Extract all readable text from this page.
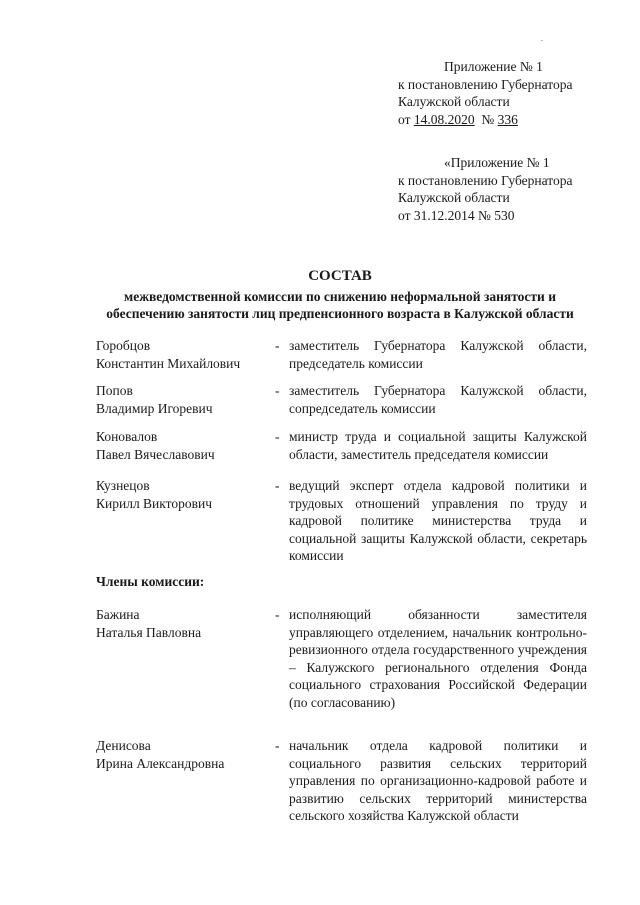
Приложение № 1
к постановлению Губернатора
Калужской области
от 14.08.2020  № 336
«Приложение № 1
к постановлению Губернатора
Калужской области
от 31.12.2014 № 530
СОСТАВ
межведомственной комиссии по снижению неформальной занятости и
обеспечению занятости лиц предпенсионного возраста в Калужской области
Горобцов
Константин Михайлович
- заместитель Губернатора Калужской области, председатель комиссии
Попов
Владимир Игоревич
- заместитель Губернатора Калужской области, сопредседатель комиссии
Коновалов
Павел Вячеславович
- министр труда и социальной защиты Калужской области, заместитель председателя комиссии
Кузнецов
Кирилл Викторович
- ведущий эксперт отдела кадровой политики и трудовых отношений управления по труду и кадровой политике министерства труда и социальной защиты Калужской области, секретарь комиссии
Члены комиссии:
Бажина
Наталья Павловна
- исполняющий обязанности заместителя управляющего отделением, начальник контрольно-ревизионного отдела государственного учреждения – Калужского регионального отделения Фонда социального страхования Российской Федерации (по согласованию)
Денисова
Ирина Александровна
- начальник отдела кадровой политики и социального развития сельских территорий управления по организационно-кадровой работе и развитию сельских территорий министерства сельского хозяйства Калужской области
